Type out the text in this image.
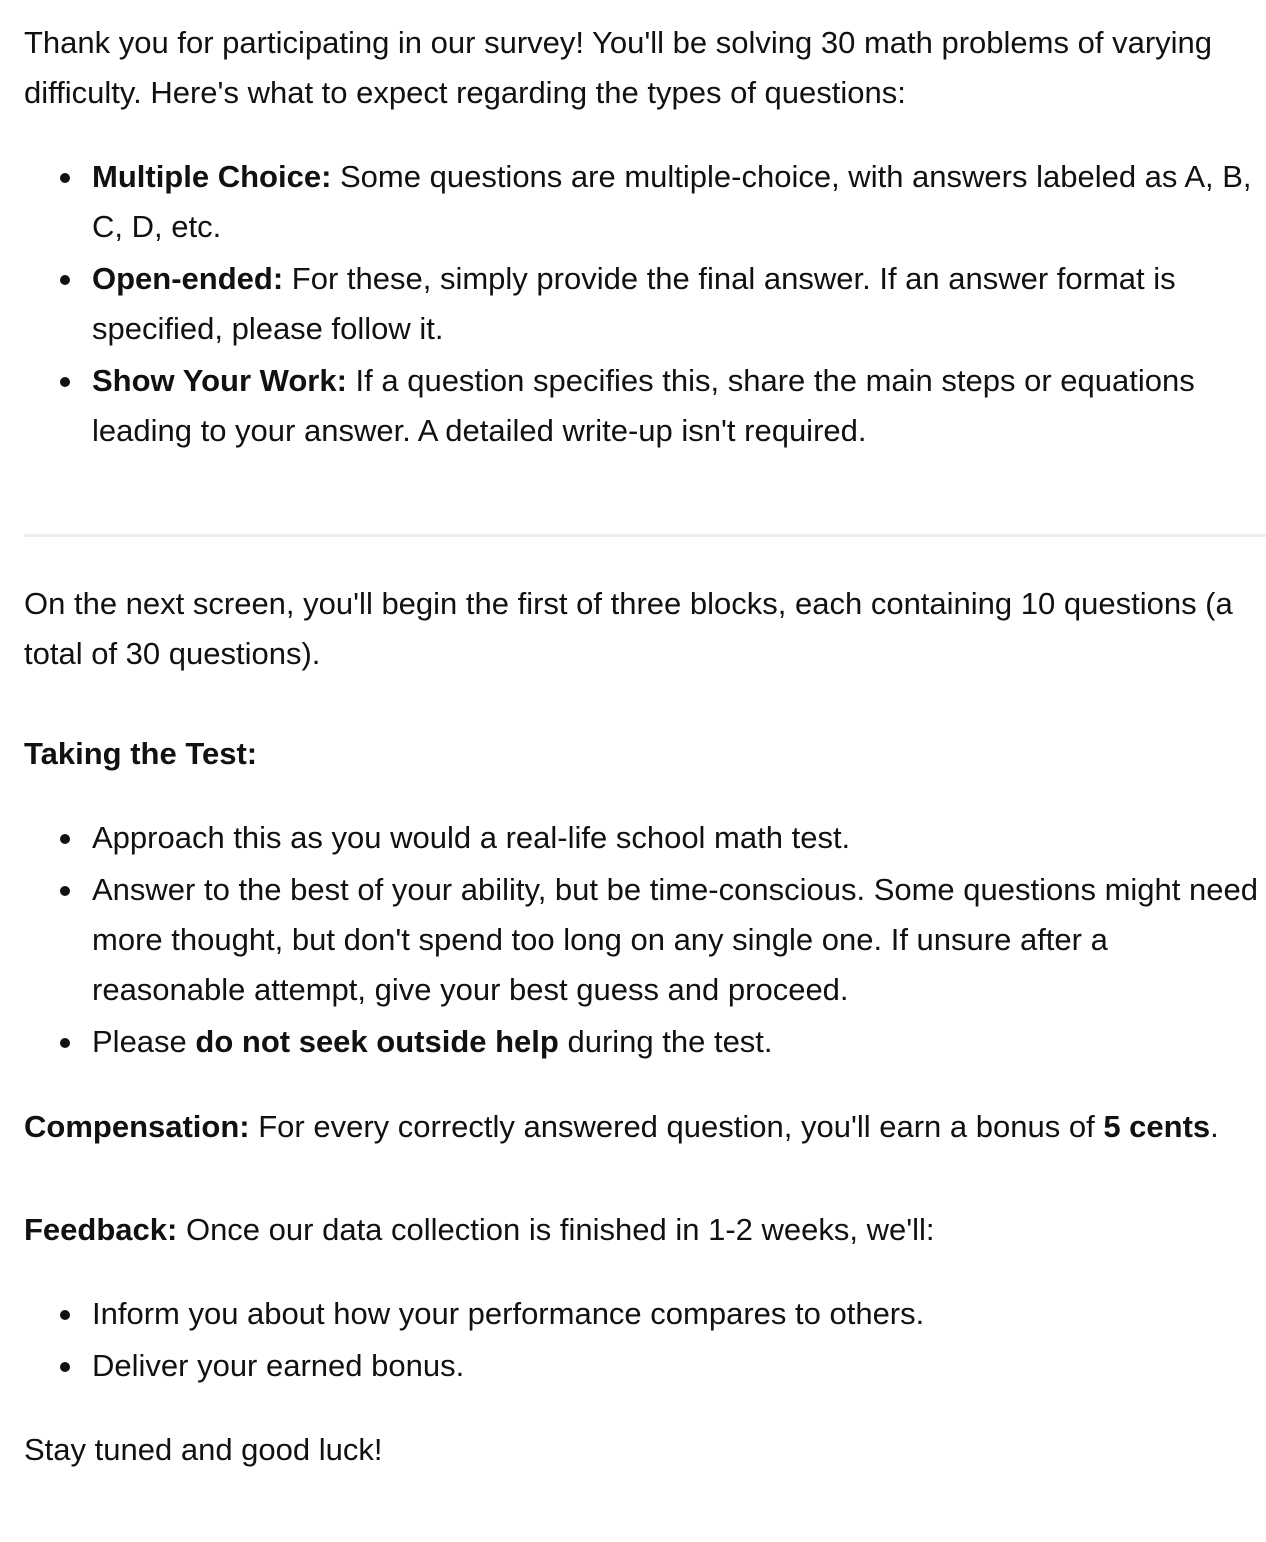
Thank you for participating in our survey! You'll be solving 30 math problems of varying difficulty. Here's what to expect regarding the types of questions:

Multiple Choice: Some questions are multiple-choice, with answers labeled as A, B, C, D, etc.
Open-ended: For these, simply provide the final answer. If an answer format is specified, please follow it.
Show Your Work: If a question specifies this, share the main steps or equations leading to your answer. A detailed write-up isn't required.

On the next screen, you'll begin the first of three blocks, each containing 10 questions (a total of 30 questions).

Taking the Test:

Approach this as you would a real-life school math test.
Answer to the best of your ability, but be time-conscious. Some questions might need more thought, but don't spend too long on any single one. If unsure after a reasonable attempt, give your best guess and proceed.
Please do not seek outside help during the test.

Compensation: For every correctly answered question, you'll earn a bonus of 5 cents.

Feedback: Once our data collection is finished in 1-2 weeks, we'll:

Inform you about how your performance compares to others.
Deliver your earned bonus.

Stay tuned and good luck!
